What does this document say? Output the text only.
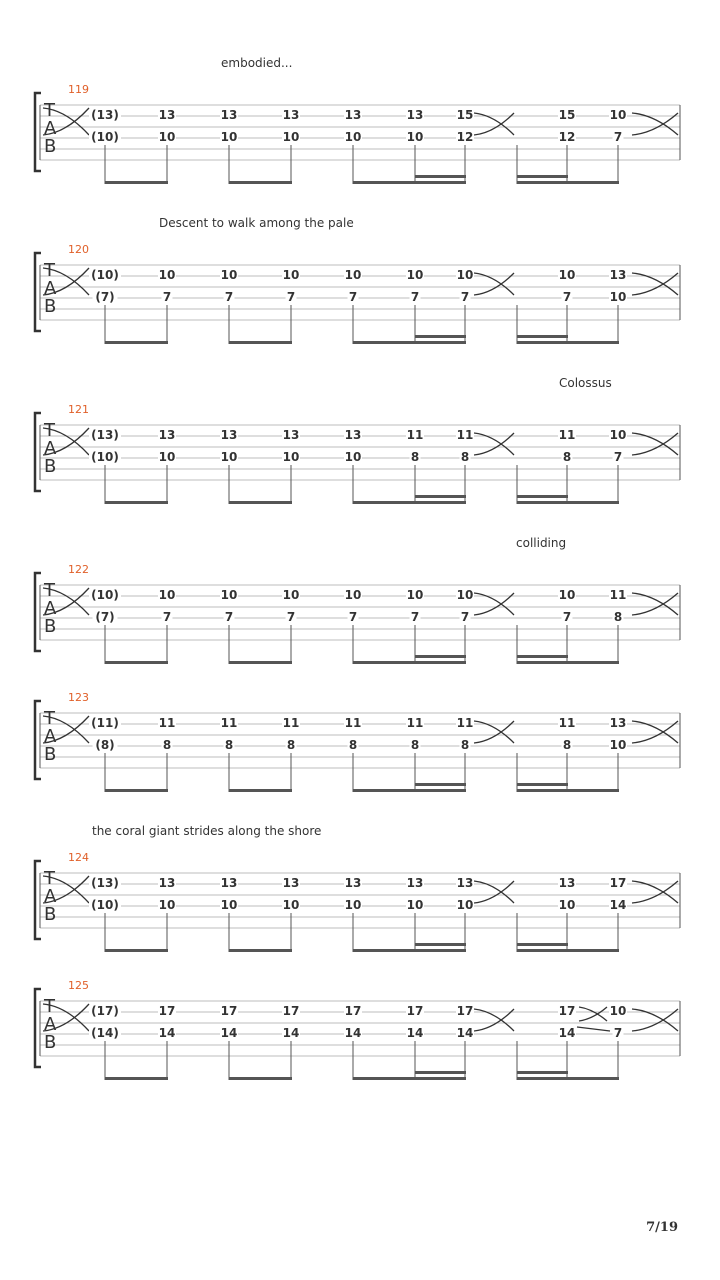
embodied...
119
T
A
B
(13)	13	13	13	13	13	15	15	10
(10)	10	10	10	10	10	12	12	7
Descent to walk among the pale
120
T
A
B
(10)	10	10	10	10	10	10	10	13
(7)	7	7	7	7	7	7	7	10
Colossus
121
T
A
B
(13)	13	13	13	13	11	11	11	10
(10)	10	10	10	10	8	8	8	7
colliding
122
T
A
B
(10)	10	10	10	10	10	10	10	11
(7)	7	7	7	7	7	7	7	8
123
T
A
B
(11)	11	11	11	11	11	11	11	13
(8)	8	8	8	8	8	8	8	10
the coral giant strides along the shore
124
T
A
B
(13)	13	13	13	13	13	13	13	17
(10)	10	10	10	10	10	10	10	14
125
T
A
B
(17)	17	17	17	17	17	17	17	10
(14)	14	14	14	14	14	14	14	7
7/19
